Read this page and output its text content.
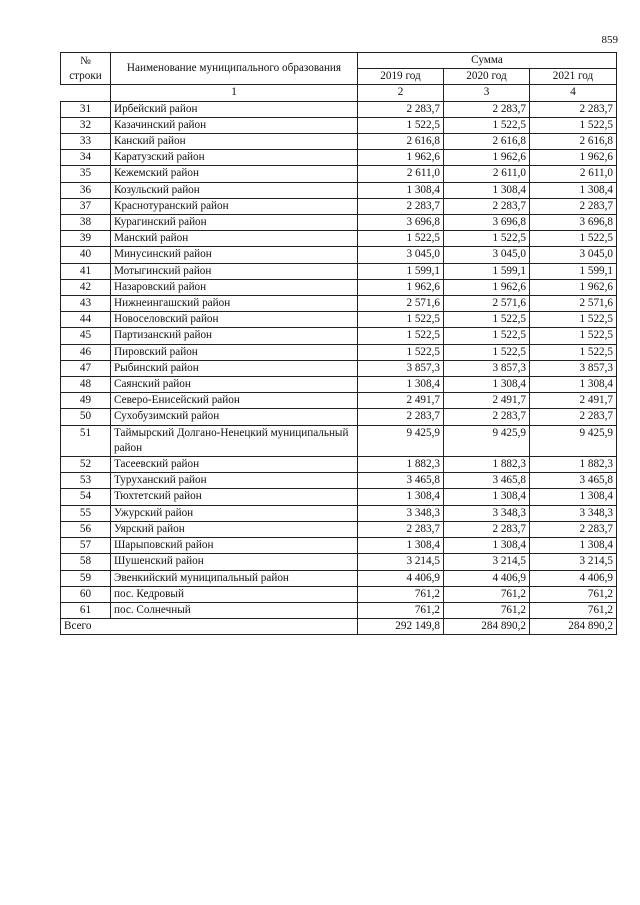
859
№
строки	Наименование муниципального образования	Сумма		
		2019 год	2020 год	2021 год
	1	2	3	4
31	Ирбейский район	2 283,7	2 283,7	2 283,7
32	Казачинский район	1 522,5	1 522,5	1 522,5
33	Канский район	2 616,8	2 616,8	2 616,8
34	Каратузский район	1 962,6	1 962,6	1 962,6
35	Кежемский район	2 611,0	2 611,0	2 611,0
36	Козульский район	1 308,4	1 308,4	1 308,4
37	Краснотуранский район	2 283,7	2 283,7	2 283,7
38	Курагинский район	3 696,8	3 696,8	3 696,8
39	Манский район	1 522,5	1 522,5	1 522,5
40	Минусинский район	3 045,0	3 045,0	3 045,0
41	Мотыгинский район	1 599,1	1 599,1	1 599,1
42	Назаровский район	1 962,6	1 962,6	1 962,6
43	Нижнеингашский район	2 571,6	2 571,6	2 571,6
44	Новоселовский район	1 522,5	1 522,5	1 522,5
45	Партизанский район	1 522,5	1 522,5	1 522,5
46	Пировский район	1 522,5	1 522,5	1 522,5
47	Рыбинский район	3 857,3	3 857,3	3 857,3
48	Саянский район	1 308,4	1 308,4	1 308,4
49	Северо-Енисейский район	2 491,7	2 491,7	2 491,7
50	Сухобузимский район	2 283,7	2 283,7	2 283,7
51	Таймырский Долгано-Ненецкий муниципальный район	9 425,9	9 425,9	9 425,9
52	Тасеевский район	1 882,3	1 882,3	1 882,3
53	Туруханский район	3 465,8	3 465,8	3 465,8
54	Тюхтетский район	1 308,4	1 308,4	1 308,4
55	Ужурский район	3 348,3	3 348,3	3 348,3
56	Уярский район	2 283,7	2 283,7	2 283,7
57	Шарыповский район	1 308,4	1 308,4	1 308,4
58	Шушенский район	3 214,5	3 214,5	3 214,5
59	Эвенкийский муниципальный район	4 406,9	4 406,9	4 406,9
60	пос. Кедровый	761,2	761,2	761,2
61	пос. Солнечный	761,2	761,2	761,2
Всего		292 149,8	284 890,2	284 890,2
